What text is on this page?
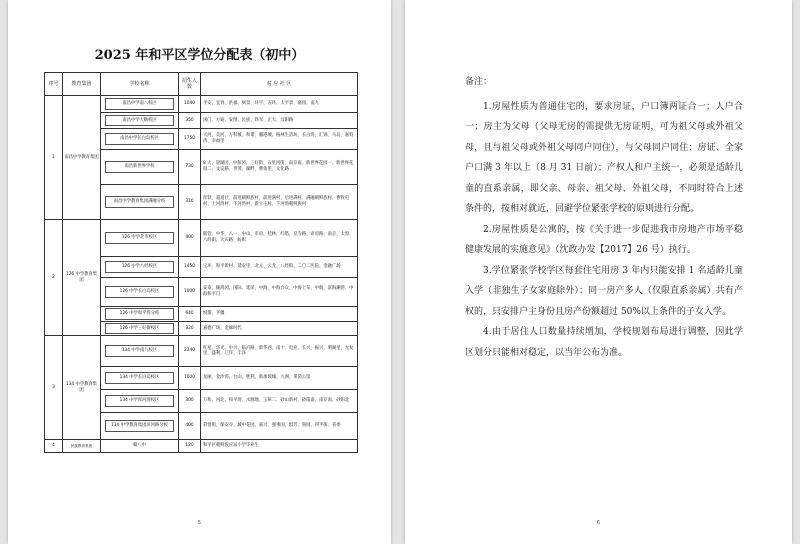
2025 年和平区学位分配表（初中）
序号	教育集团	学校名称	招生人数	对 应 社 区
1	南昌中学教育集团	南昌中学南八校区	1040	平安、宜春、洪福、枫景、环宇、五环、太平景、嘉园、南九

		南昌中学大顺校区	350	国门、方迪、安图、民族、铁军、正大、汉阳路

		南昌中学长白岛校区	1750	天河、美河、万科城、和谐、馨港城、格林生活坊、长白湾、汇锦、马岛、嘉特湾、幸福里

		南昌新世界学校	730	8 大、迎湖园、中和园、三好街、五里河街、南京南、新世界花园一、新世界花园二、文安路、世茂、湖畔、曹妆里、文化路

		南昌中学教育集团满融分校	310	浑铁、超道社、前进朝鲜族村、前进满村、后进满村、满融朝鲜族村、曹牧屯村、上河湾村、下河湾村、新立屯村、下河湾朝鲜族村
2	126 中学教育集团	126 中学北市校区	400	联营、中华、八一、中山、市府、桂林、红塔、皇寺路、市府路、南京、太原、八经街、大庆路、纺织

		126 中学八经校区	1450	宝环、和平新村、延安里、北元、云龙、八经街、二〇二医院、金融广场

		126 中学长白岛校区	1000	安泰、颐鸿园、国际、延泽、中海、中海台众、中海上东、中航、富海澜湾、中海和平门

		126 中学和平湾分校	640	悦都、平疆

		126 中学三好街校区	320	嘉德广场、金廊时代
3	134 中学教育集团	134 中学南九校区	2240	红星、华光、中兴、临沂路、新华西、南十、电业、长兴、振兴、明湖里、光复里、盛利、辽洋、丰泽

		134 中学长白岛校区	1000	龙丽、金沙湾、台山、胜利、新加坡城、九洲、莱茵公馆

		134 中学浑河湾校区	300	万和、河北、和平湾、水源地、玉犀二、砂山新村、砂阳南、南京南、砂阳北

		134 中学教育集团滨河路分校	400	彩悟街、保安寺、城中花园、嘉兴、强事国、群芳、鲁园、四平街、省委
4	民族教育集团	朝八中	120	和平区朝鲜族应届小学毕业生
5

备注：

1.房屋性质为普通住宅的，要求房证，户口簿两证合一；人户合一；房主为父母（父母无房的需提供无房证明，可为祖父母或外祖父母，且与祖父母或外祖父母同户同住），与父母同户同住；房证、全家户口满 3 年以上（8 月 31 日前）；产权人和户主统一，必须是适龄儿童的直系亲属，即父亲、母亲、祖父母、外祖父母，不同时符合上述条件的，按相对就近，回避学位紧张学校的原则进行分配。

2.房屋性质是公寓的，按《关于进一步促进我市房地产市场平稳健康发展的实施意见》（沈政办发【2017】26 号）执行。

3.学位紧张学校学区每套住宅用房 3 年内只能安排 1 名适龄儿童入学（非独生子女家庭除外）；同一房产多人（仅限直系亲属）共有产权的，只安排户主身份且房产份额超过 50%以上条件的子女入学。

4.由于居住人口数量持续增加，学校规划布局进行调整，因此学区划分只能相对稳定，以当年公布为准。

6
